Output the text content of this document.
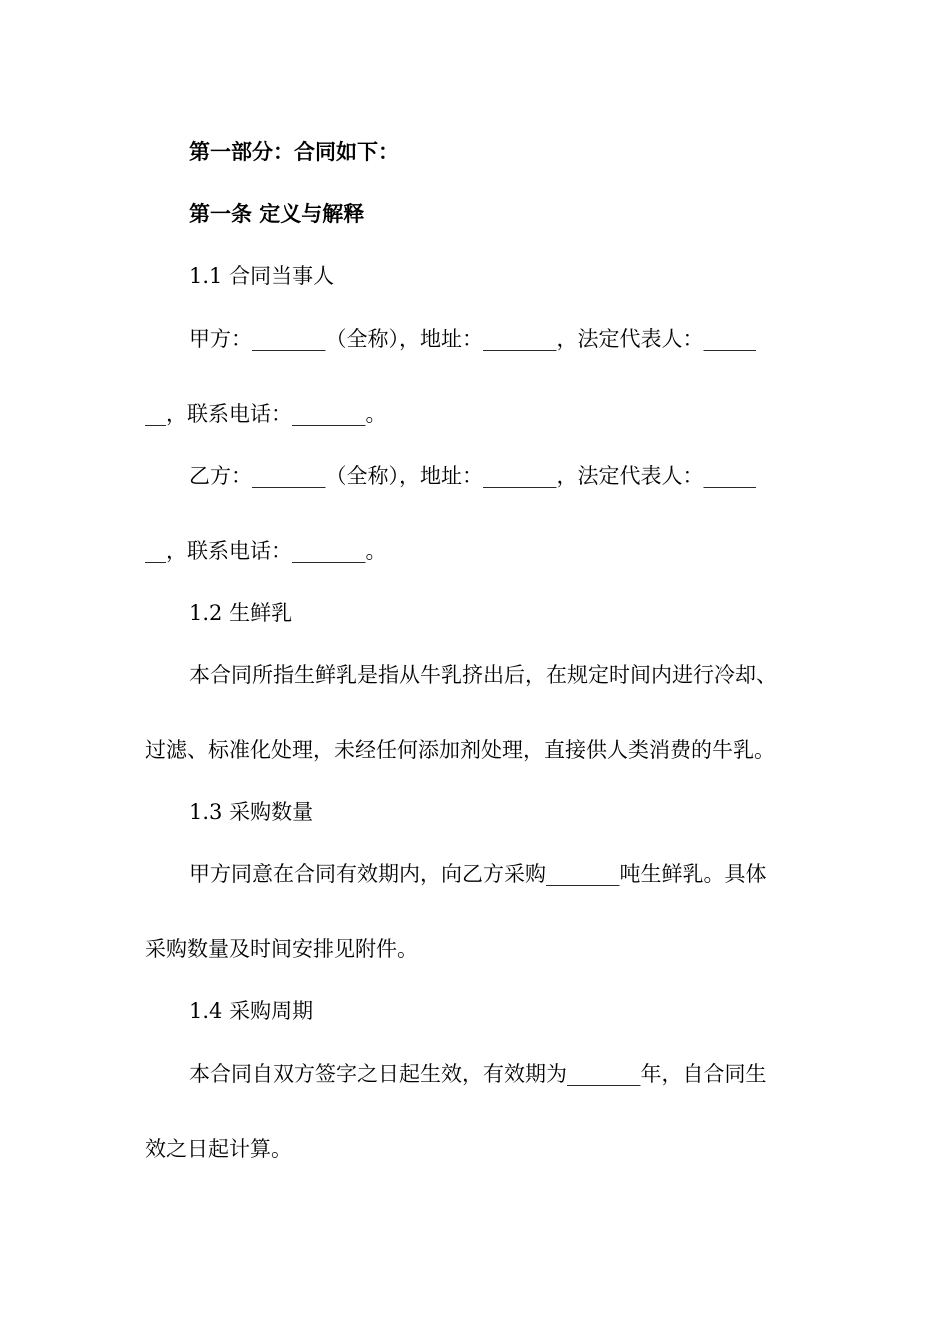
第一部分：合同如下：
第一条 定义与解释
1.1 合同当事人
甲方：_______（全称），地址：_______，法定代表人：_____
__，联系电话：_______。
乙方：_______（全称），地址：_______，法定代表人：_____
__，联系电话：_______。
1.2 生鲜乳
本合同所指生鲜乳是指从牛乳挤出后，在规定时间内进行冷却、
过滤、标准化处理，未经任何添加剂处理，直接供人类消费的牛乳。
1.3 采购数量
甲方同意在合同有效期内，向乙方采购_______吨生鲜乳。具体
采购数量及时间安排见附件。
1.4 采购周期
本合同自双方签字之日起生效，有效期为_______年，自合同生
效之日起计算。
